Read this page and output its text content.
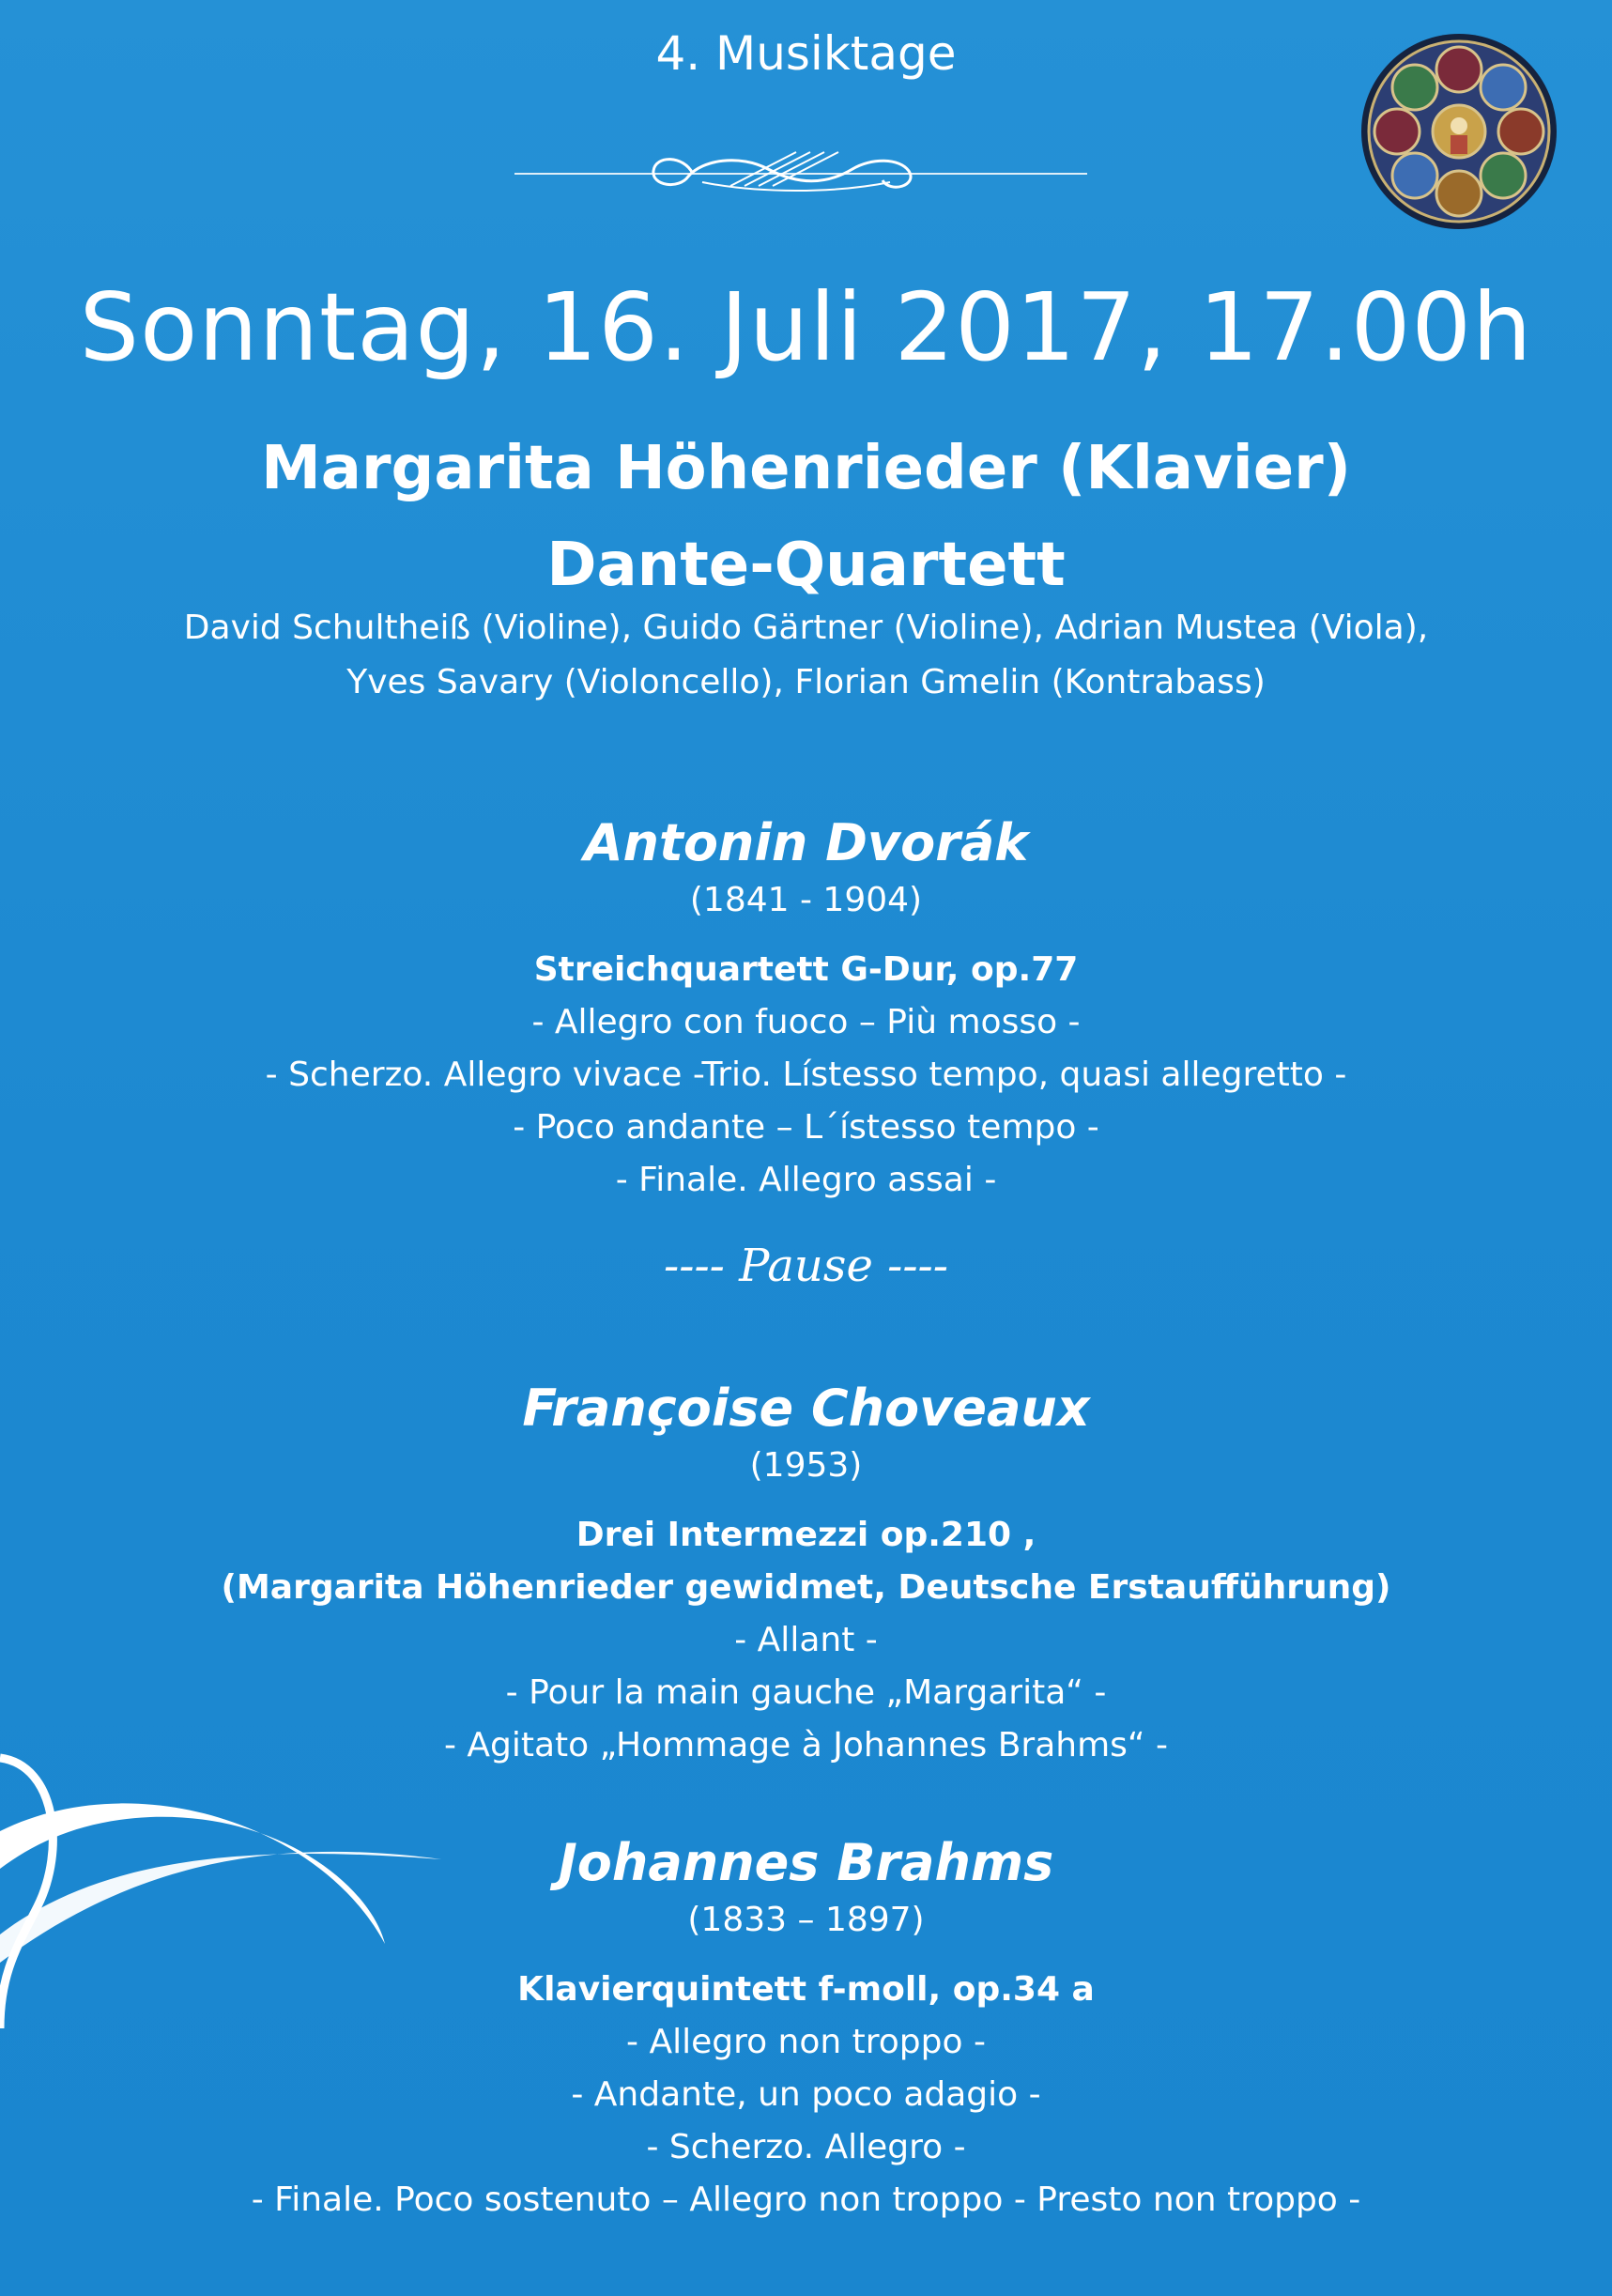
4. Musiktage
Sonntag, 16. Juli 2017, 17.00h
Margarita Höhenrieder (Klavier)
Dante-Quartett
David Schultheiß (Violine), Guido Gärtner (Violine), Adrian Mustea (Viola),
Yves Savary (Violoncello), Florian Gmelin (Kontrabass)
Antonin Dvorák
(1841 - 1904)
Streichquartett G-Dur, op.77
- Allegro con fuoco – Più mosso -
- Scherzo. Allegro vivace -Trio. Lístesso tempo, quasi allegretto -
- Poco andante – L´ístesso tempo -
- Finale. Allegro assai -
---- Pause ----
Françoise Choveaux
(1953)
Drei Intermezzi op.210 ,
(Margarita Höhenrieder gewidmet, Deutsche Erstaufführung)
- Allant -
- Pour la main gauche „Margarita“ -
- Agitato „Hommage à Johannes Brahms“ -
Johannes Brahms
(1833 – 1897)
Klavierquintett f-moll, op.34 a
- Allegro non troppo -
- Andante, un poco adagio -
- Scherzo. Allegro -
- Finale. Poco sostenuto – Allegro non troppo - Presto non troppo -
